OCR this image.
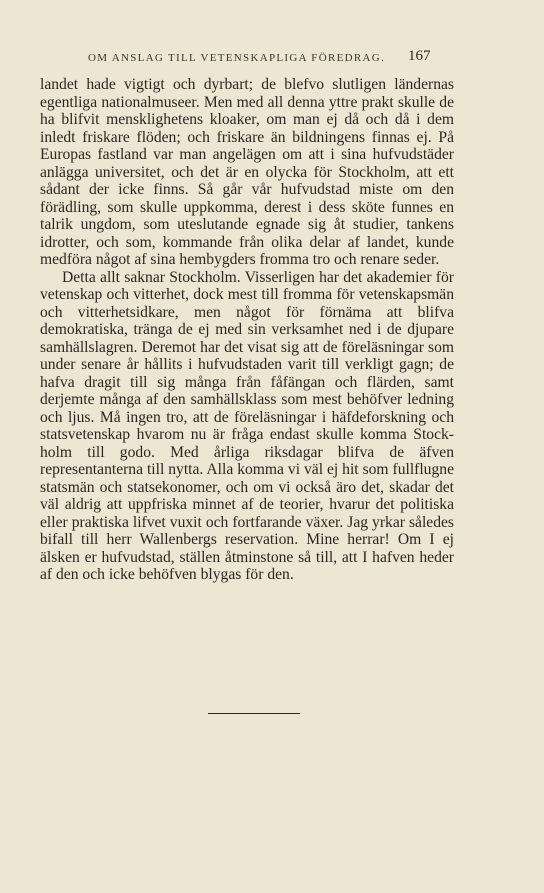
OM ANSLAG TILL VETENSKAPLIGA FÖREDRAG.	167

landet hade vigtigt och dyrbart; de blefvo slutligen ländernas egentliga nationalmuseer. Men med all denna yttre prakt skulle de ha blifvit mensklighetens kloaker, om man ej då och då i dem inledt friskare flöden; och friskare än bildningens finnas ej. På Europas fastland var man angelägen om att i sina hufvudstäder anlägga universitet, och det är en olycka för Stockholm, att ett sådant der icke finns. Så går vår hufvudstad miste om den förädling, som skulle uppkomma, derest i dess sköte funnes en talrik ungdom, som uteslutande egnade sig åt studier, tankens idrotter, och som, kommande från olika delar af landet, kunde medföra något af sina hembygders fromma tro och renare seder.

Detta allt saknar Stockholm. Visserligen har det akademier för vetenskap och vitterhet, dock mest till fromma för vetenskapsmän och vitterhetsidkare, men något för förnäma att blifva demokratiska, tränga de ej med sin verksamhet ned i de djupare samhällslagren. Deremot har det visat sig att de föreläsningar som under senare år hållits i hufvudstaden varit till verkligt gagn; de hafva dragit till sig många från fåfängan och flärden, samt derjemte många af den samhällsklass som mest behöfver ledning och ljus. Må ingen tro, att de föreläsningar i häfdeforskning och statsvetenskap hvarom nu är fråga endast skulle komma Stockholm till godo. Med årliga riksdagar blifva de äfven representanterna till nytta. Alla komma vi väl ej hit som fullflugne statsmän och statsekonomer, och om vi också äro det, skadar det väl aldrig att uppfriska minnet af de teorier, hvarur det politiska eller praktiska lifvet vuxit och fortfarande växer. Jag yrkar således bifall till herr Wallenbergs reservation. Mine herrar! Om I ej älsken er hufvudstad, ställen åtminstone så till, att I hafven heder af den och icke behöfven blygas för den.
